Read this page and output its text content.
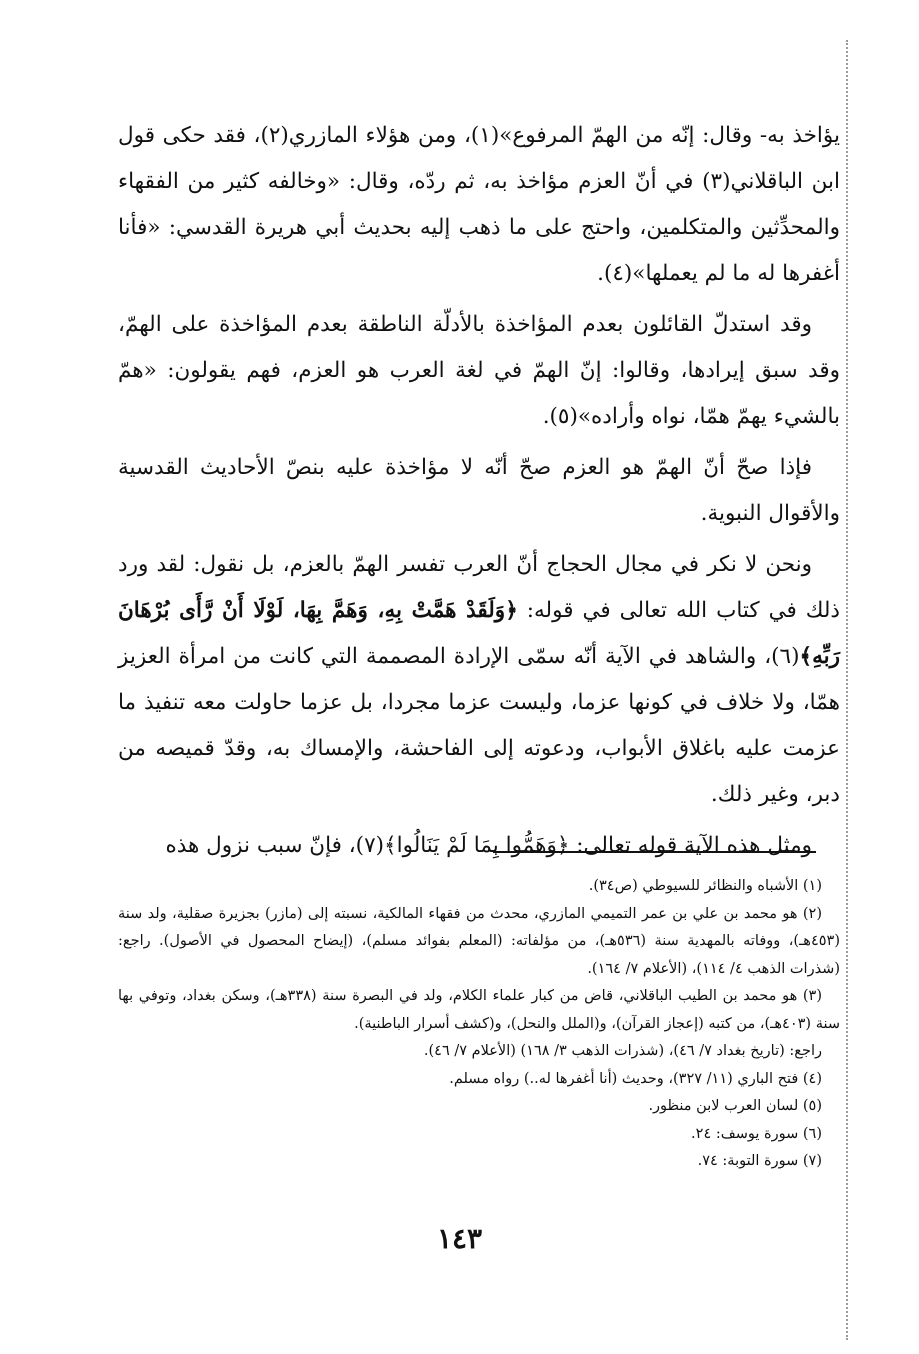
يؤاخذ به- وقال: إنّه من الهمّ المرفوع»(١)، ومن هؤلاء المازري(٢)، فقد حكى قول ابن الباقلاني(٣) في أنّ العزم مؤاخذ به، ثم ردّه، وقال: «وخالفه كثير من الفقهاء والمحدِّثين والمتكلمين، واحتج على ما ذهب إليه بحديث أبي هريرة القدسي: «فأنا أغفرها له ما لم يعملها»(٤).

وقد استدلّ القائلون بعدم المؤاخذة بالأدلّة الناطقة بعدم المؤاخذة على الهمّ، وقد سبق إيرادها، وقالوا: إنّ الهمّ في لغة العرب هو العزم، فهم يقولون: «همّ بالشيء يهمّ همّا، نواه وأراده»(٥).

فإذا صحّ أنّ الهمّ هو العزم صحّ أنّه لا مؤاخذة عليه بنصّ الأحاديث القدسية والأقوال النبوية.

ونحن لا نكر في مجال الحجاج أنّ العرب تفسر الهمّ بالعزم، بل نقول: لقد ورد ذلك في كتاب الله تعالى في قوله: ﴿وَلَقَدْ هَمَّتْ بِهِ، وَهَمَّ بِهَا، لَوْلَا أَنْ رَّأَى بُرْهَانَ رَبِّهِ﴾(٦)، والشاهد في الآية أنّه سمّى الإرادة المصممة التي كانت من امرأة العزيز همّا، ولا خلاف في كونها عزما، وليست عزما مجردا، بل عزما حاولت معه تنفيذ ما عزمت عليه باغلاق الأبواب، ودعوته إلى الفاحشة، والإمساك به، وقدّ قميصه من دبر، وغير ذلك.

ومثل هذه الآية قوله تعالى: ﴿وَهَمُّوا بِمَا لَمْ يَنَالُوا﴾(٧)، فإنّ سبب نزول هذه

(١) الأشباه والنظائر للسيوطي (ص٣٤).

(٢) هو محمد بن علي بن عمر التميمي المازري، محدث من فقهاء المالكية، نسبته إلى (مازر) بجزيرة صقلية، ولد سنة (٤٥٣هـ)، ووفاته بالمهدية سنة (٥٣٦هـ)، من مؤلفاته: (المعلم بفوائد مسلم)، (إيضاح المحصول في الأصول). راجع: (شذرات الذهب ٤/ ١١٤)، (الأعلام ٧/ ١٦٤).

(٣) هو محمد بن الطيب الباقلاني، قاض من كبار علماء الكلام، ولد في البصرة سنة (٣٣٨هـ)، وسكن بغداد، وتوفي بها سنة (٤٠٣هـ)، من كتبه (إعجاز القرآن)، و(الملل والنحل)، و(كشف أسرار الباطنية).

راجع: (تاريخ بغداد ٧/ ٤٦)، (شذرات الذهب ٣/ ١٦٨) (الأعلام ٧/ ٤٦).

(٤) فتح الباري (١١/ ٣٢٧)، وحديث (أنا أغفرها له..) رواه مسلم.

(٥) لسان العرب لابن منظور.

(٦) سورة يوسف: ٢٤.

(٧) سورة التوبة: ٧٤.

١٤٣
